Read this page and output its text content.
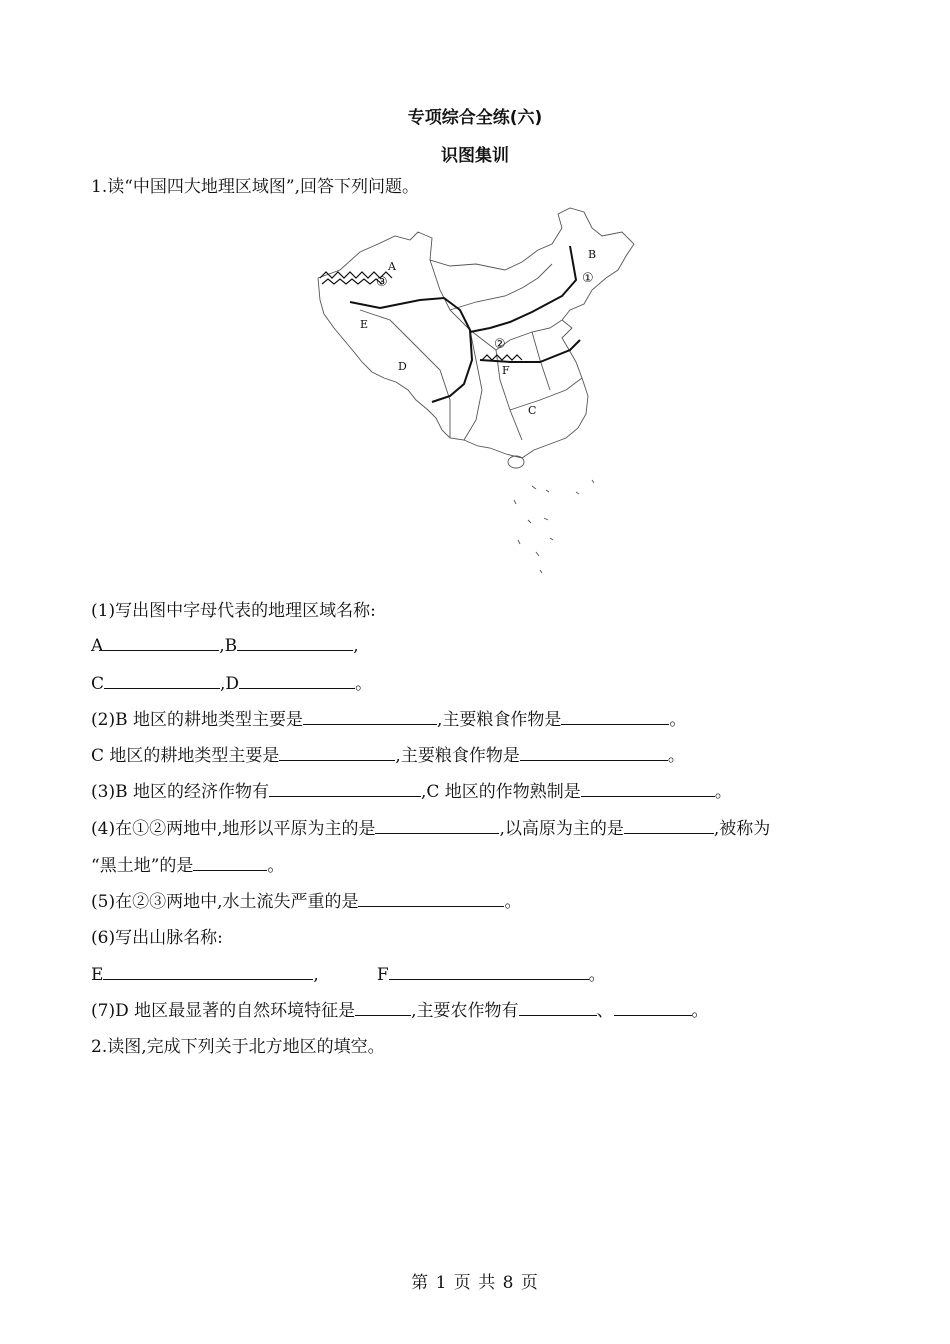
专项综合全练(六)
识图集训
1.读“中国四大地理区域图”,回答下列问题。
A
B
C
D
E
F
①
②
③
(1)写出图中字母代表的地理区域名称:
A	,B	,
C	,D	。
(2)B 地区的耕地类型主要是	,主要粮食作物是	。
C 地区的耕地类型主要是	,主要粮食作物是	。
(3)B 地区的经济作物有	,C 地区的作物熟制是	。
(4)在①②两地中,地形以平原为主的是	,以高原为主的是	,被称为
“黑土地”的是	。
(5)在②③两地中,水土流失严重的是	。
(6)写出山脉名称:
E	,	F	。
(7)D 地区最显著的自然环境特征是	,主要农作物有	、	。
2.读图,完成下列关于北方地区的填空。
第 1 页 共 8 页
